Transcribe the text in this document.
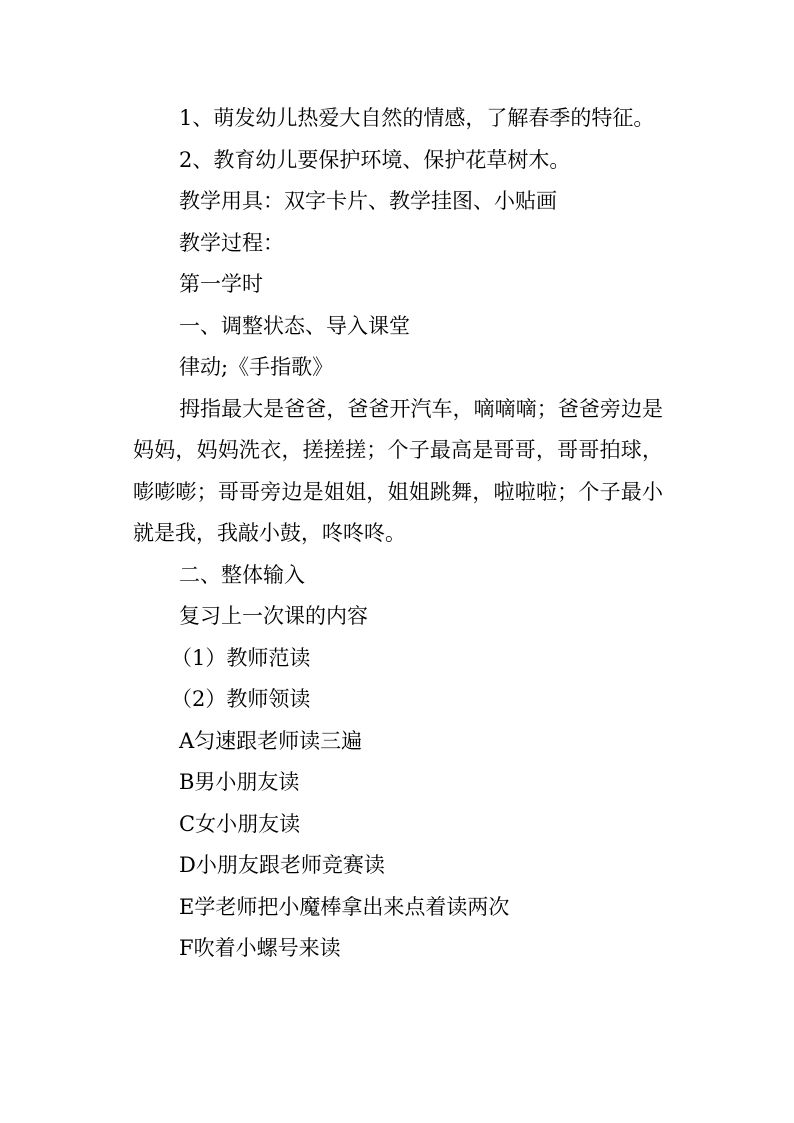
1、萌发幼儿热爱大自然的情感，了解春季的特征。

2、教育幼儿要保护环境、保护花草树木。

教学用具：双字卡片、教学挂图、小贴画

教学过程：

第一学时

一、调整状态、导入课堂

律动;《手指歌》

拇指最大是爸爸，爸爸开汽车，嘀嘀嘀；爸爸旁边是妈妈，妈妈洗衣，搓搓搓；个子最高是哥哥，哥哥拍球，嘭嘭嘭；哥哥旁边是姐姐，姐姐跳舞，啦啦啦；个子最小就是我，我敲小鼓，咚咚咚。

二、整体输入

复习上一次课的内容

（1）教师范读

（2）教师领读

A匀速跟老师读三遍

B男小朋友读

C女小朋友读

D小朋友跟老师竞赛读

E学老师把小魔棒拿出来点着读两次

F吹着小螺号来读
